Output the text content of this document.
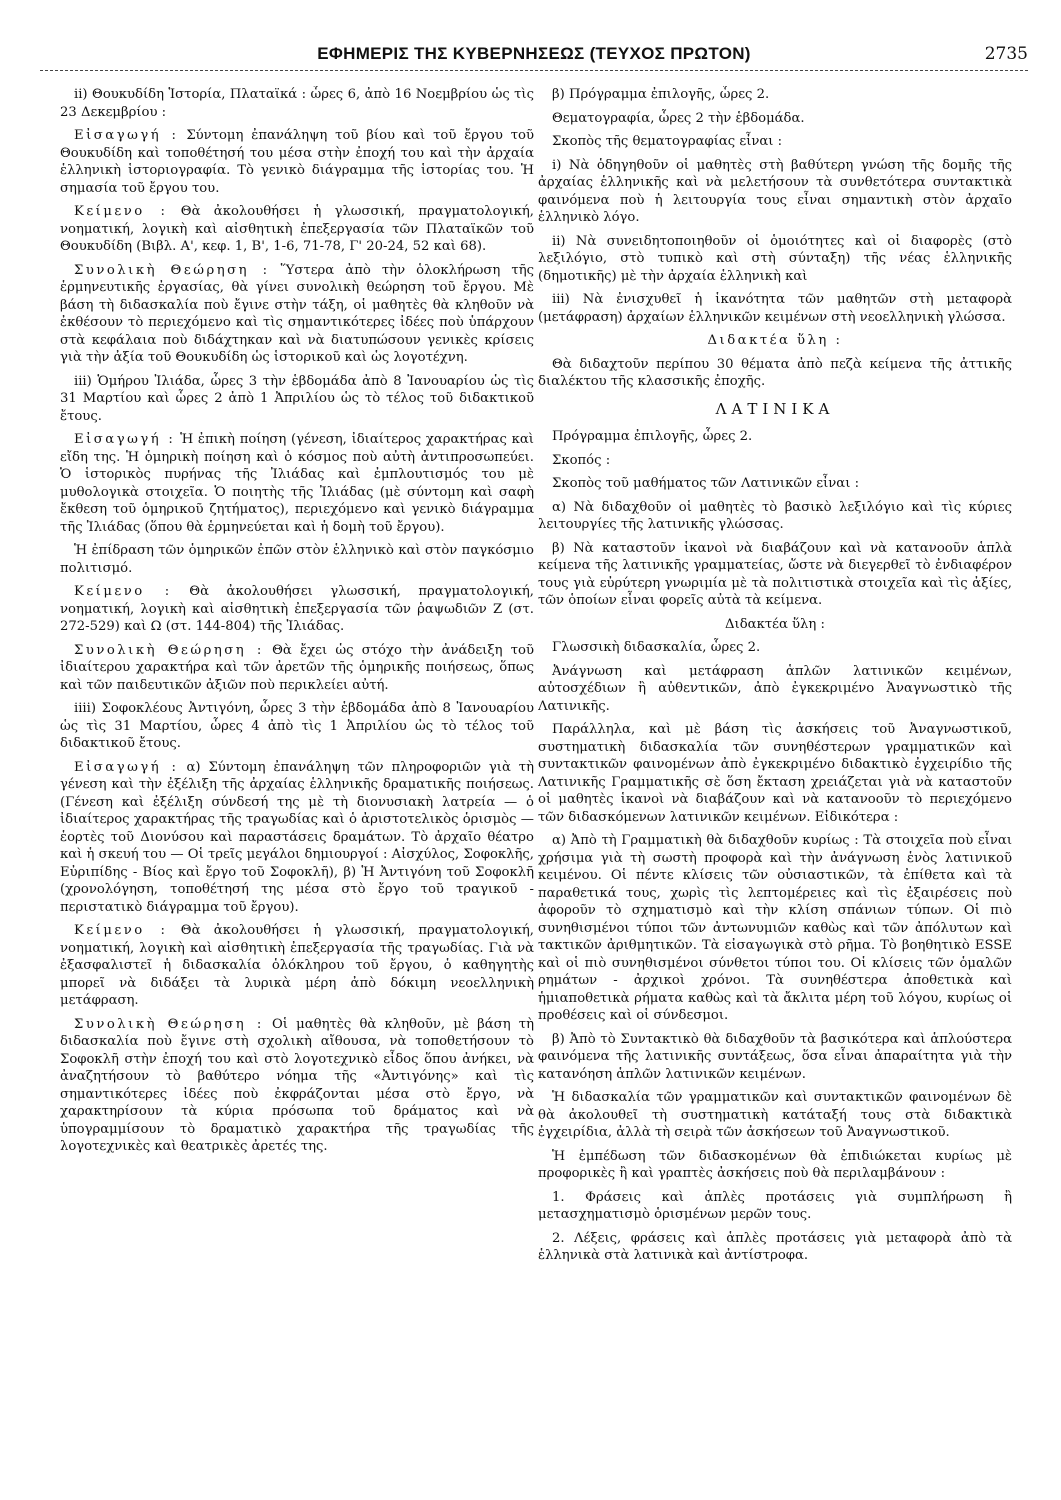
ΕΦΗΜΕΡΙΣ ΤΗΣ ΚΥΒΕΡΝΗΣΕΩΣ (ΤΕΥΧΟΣ ΠΡΩΤΟΝ)	2735

ii) Θουκυδίδη Ἱστορία, Πλαταϊκά : ὧρες 6, ἀπὸ 16 Νοεμβρίου ὡς τὶς 23 Δεκεμβρίου :

Εἰσαγωγή : Σύντομη ἐπανάληψη τοῦ βίου καὶ τοῦ ἔργου τοῦ Θουκυδίδη καὶ τοποθέτησή του μέσα στὴν ἐποχή του καὶ τὴν ἀρχαία ἑλληνικὴ ἱστοριογραφία. Τὸ γενικὸ διάγραμμα τῆς ἱστορίας του. Ἡ σημασία τοῦ ἔργου του.

Κείμενο : Θὰ ἀκολουθήσει ἡ γλωσσική, πραγματολογική, νοηματική, λογικὴ καὶ αἰσθητικὴ ἐπεξεργασία τῶν Πλαταϊκῶν τοῦ Θουκυδίδη (Βιβλ. Α', κεφ. 1, Β', 1-6, 71-78, Γ' 20-24, 52 καὶ 68).

Συνολικὴ Θεώρηση : Ὕστερα ἀπὸ τὴν ὁλοκλήρωση τῆς ἑρμηνευτικῆς ἐργασίας, θὰ γίνει συνολικὴ θεώρηση τοῦ ἔργου. Μὲ βάση τὴ διδασκαλία ποὺ ἔγινε στὴν τάξη, οἱ μαθητὲς θὰ κληθοῦν νὰ ἐκθέσουν τὸ περιεχόμενο καὶ τὶς σημαντικότερες ἰδέες ποὺ ὑπάρχουν στὰ κεφάλαια ποὺ διδάχτηκαν καὶ νὰ διατυπώσουν γενικὲς κρίσεις γιὰ τὴν ἀξία τοῦ Θουκυδίδη ὡς ἱστορικοῦ καὶ ὡς λογοτέχνη.

iii) Ὁμήρου Ἰλιάδα, ὧρες 3 τὴν ἑβδομάδα ἀπὸ 8 Ἰανουαρίου ὡς τὶς 31 Μαρτίου καὶ ὧρες 2 ἀπὸ 1 Ἀπριλίου ὡς τὸ τέλος τοῦ διδακτικοῦ ἔτους.

Εἰσαγωγή : Ἡ ἐπικὴ ποίηση (γένεση, ἰδιαίτερος χαρακτήρας καὶ εἴδη της. Ἡ ὁμηρικὴ ποίηση καὶ ὁ κόσμος ποὺ αὐτὴ ἀντιπροσωπεύει. Ὁ ἱστορικὸς πυρήνας τῆς Ἰλιάδας καὶ ἐμπλουτισμός του μὲ μυθολογικὰ στοιχεῖα. Ὁ ποιητὴς τῆς Ἰλιάδας (μὲ σύντομη καὶ σαφὴ ἔκθεση τοῦ ὁμηρικοῦ ζητήματος), περιεχόμενο καὶ γενικὸ διάγραμμα τῆς Ἰλιάδας (ὅπου θὰ ἑρμηνεύεται καὶ ἡ δομὴ τοῦ ἔργου).

Ἡ ἐπίδραση τῶν ὁμηρικῶν ἐπῶν στὸν ἑλληνικὸ καὶ στὸν παγκόσμιο πολιτισμό.

Κείμενο : Θὰ ἀκολουθήσει γλωσσική, πραγματολογική, νοηματική, λογικὴ καὶ αἰσθητικὴ ἐπεξεργασία τῶν ῥαψωδιῶν Ζ (στ. 272-529) καὶ Ω (στ. 144-804) τῆς Ἰλιάδας.

Συνολικὴ Θεώρηση : Θὰ ἔχει ὡς στόχο τὴν ἀνάδειξη τοῦ ἰδιαίτερου χαρακτήρα καὶ τῶν ἀρετῶν τῆς ὁμηρικῆς ποιήσεως, ὅπως καὶ τῶν παιδευτικῶν ἀξιῶν ποὺ περικλείει αὐτή.

iiii) Σοφοκλέους Ἀντιγόνη, ὧρες 3 τὴν ἑβδομάδα ἀπὸ 8 Ἰανουαρίου ὡς τὶς 31 Μαρτίου, ὧρες 4 ἀπὸ τὶς 1 Ἀπριλίου ὡς τὸ τέλος τοῦ διδακτικοῦ ἔτους.

Εἰσαγωγή : α) Σύντομη ἐπανάληψη τῶν πληροφοριῶν γιὰ τὴ γένεση καὶ τὴν ἐξέλιξη τῆς ἀρχαίας ἑλληνικῆς δραματικῆς ποιήσεως. (Γένεση καὶ ἐξέλιξη σύνδεσή της μὲ τὴ διονυσιακὴ λατρεία — ὁ ἰδιαίτερος χαρακτήρας τῆς τραγωδίας καὶ ὁ ἀριστοτελικὸς ὁρισμὸς — ἑορτὲς τοῦ Διονύσου καὶ παραστάσεις δραμάτων. Τὸ ἀρχαῖο θέατρο καὶ ἡ σκευή του — Οἱ τρεῖς μεγάλοι δημιουργοί : Αἰσχύλος, Σοφοκλῆς, Εὐριπίδης - Βίος καὶ ἔργο τοῦ Σοφοκλῆ), β) Ἡ Ἀντιγόνη τοῦ Σοφοκλῆ (χρονολόγηση, τοποθέτησή της μέσα στὸ ἔργο τοῦ τραγικοῦ - περιστατικὸ διάγραμμα τοῦ ἔργου).

Κείμενο : Θὰ ἀκολουθήσει ἡ γλωσσική, πραγματολογική, νοηματική, λογικὴ καὶ αἰσθητικὴ ἐπεξεργασία τῆς τραγωδίας. Γιὰ νὰ ἐξασφαλιστεῖ ἡ διδασκαλία ὁλόκληρου τοῦ ἔργου, ὁ καθηγητὴς μπορεῖ νὰ διδάξει τὰ λυρικὰ μέρη ἀπὸ δόκιμη νεοελληνικὴ μετάφραση.

Συνολικὴ Θεώρηση : Οἱ μαθητὲς θὰ κληθοῦν, μὲ βάση τὴ διδασκαλία ποὺ ἔγινε στὴ σχολικὴ αἴθουσα, νὰ τοποθετήσουν τὸ Σοφοκλῆ στὴν ἐποχή του καὶ στὸ λογοτεχνικὸ εἶδος ὅπου ἀνήκει, νὰ ἀναζητήσουν τὸ βαθύτερο νόημα τῆς «Ἀντιγόνης» καὶ τὶς σημαντικότερες ἰδέες ποὺ ἐκφράζονται μέσα στὸ ἔργο, νὰ χαρακτηρίσουν τὰ κύρια πρόσωπα τοῦ δράματος καὶ νὰ ὑπογραμμίσουν τὸ δραματικὸ χαρακτήρα τῆς τραγωδίας τῆς λογοτεχνικὲς καὶ θεατρικὲς ἀρετές της.

β) Πρόγραμμα ἐπιλογῆς, ὧρες 2.

Θεματογραφία, ὧρες 2 τὴν ἑβδομάδα.

Σκοπὸς τῆς θεματογραφίας εἶναι :

i) Νὰ ὁδηγηθοῦν οἱ μαθητὲς στὴ βαθύτερη γνώση τῆς δομῆς τῆς ἀρχαίας ἑλληνικῆς καὶ νὰ μελετήσουν τὰ συνθετότερα συντακτικὰ φαινόμενα ποὺ ἡ λειτουργία τους εἶναι σημαντικὴ στὸν ἀρχαῖο ἑλληνικὸ λόγο.

ii) Νὰ συνειδητοποιηθοῦν οἱ ὁμοιότητες καὶ οἱ διαφορὲς (στὸ λεξιλόγιο, στὸ τυπικὸ καὶ στὴ σύνταξη) τῆς νέας ἑλληνικῆς (δημοτικῆς) μὲ τὴν ἀρχαία ἑλληνικὴ καὶ

iii) Νὰ ἐνισχυθεῖ ἡ ἱκανότητα τῶν μαθητῶν στὴ μεταφορὰ (μετάφραση) ἀρχαίων ἑλληνικῶν κειμένων στὴ νεοελληνικὴ γλώσσα.

Διδακτέα ὕλη :

Θὰ διδαχτοῦν περίπου 30 θέματα ἀπὸ πεζὰ κείμενα τῆς ἀττικῆς διαλέκτου τῆς κλασσικῆς ἐποχῆς.

ΛΑΤΙΝΙΚΑ

Πρόγραμμα ἐπιλογῆς, ὧρες 2.

Σκοπός :

Σκοπὸς τοῦ μαθήματος τῶν Λατινικῶν εἶναι :

α) Νὰ διδαχθοῦν οἱ μαθητὲς τὸ βασικὸ λεξιλόγιο καὶ τὶς κύριες λειτουργίες τῆς λατινικῆς γλώσσας.

β) Νὰ καταστοῦν ἱκανοὶ νὰ διαβάζουν καὶ νὰ κατανοοῦν ἁπλὰ κείμενα τῆς λατινικῆς γραμματείας, ὥστε νὰ διεγερθεῖ τὸ ἐνδιαφέρον τους γιὰ εὐρύτερη γνωριμία μὲ τὰ πολιτιστικὰ στοιχεῖα καὶ τὶς ἀξίες, τῶν ὁποίων εἶναι φορεῖς αὐτὰ τὰ κείμενα.

Διδακτέα ὕλη :

Γλωσσικὴ διδασκαλία, ὧρες 2.

Ἀνάγνωση καὶ μετάφραση ἁπλῶν λατινικῶν κειμένων, αὐτοσχέδιων ἢ αὐθεντικῶν, ἀπὸ ἐγκεκριμένο Ἀναγνωστικὸ τῆς Λατινικῆς.

Παράλληλα, καὶ μὲ βάση τὶς ἀσκήσεις τοῦ Ἀναγνωστικοῦ, συστηματικὴ διδασκαλία τῶν συνηθέστερων γραμματικῶν καὶ συντακτικῶν φαινομένων ἀπὸ ἐγκεκριμένο διδακτικὸ ἐγχειρίδιο τῆς Λατινικῆς Γραμματικῆς σὲ ὅση ἔκταση χρειάζεται γιὰ νὰ καταστοῦν οἱ μαθητὲς ἱκανοὶ νὰ διαβάζουν καὶ νὰ κατανοοῦν τὸ περιεχόμενο τῶν διδασκόμενων λατινικῶν κειμένων. Εἰδικότερα :

α) Ἀπὸ τὴ Γραμματικὴ θὰ διδαχθοῦν κυρίως : Τὰ στοιχεῖα ποὺ εἶναι χρήσιμα γιὰ τὴ σωστὴ προφορὰ καὶ τὴν ἀνάγνωση ἑνὸς λατινικοῦ κειμένου. Οἱ πέντε κλίσεις τῶν οὐσιαστικῶν, τὰ ἐπίθετα καὶ τὰ παραθετικά τους, χωρὶς τὶς λεπτομέρειες καὶ τὶς ἐξαιρέσεις ποὺ ἀφοροῦν τὸ σχηματισμὸ καὶ τὴν κλίση σπάνιων τύπων. Οἱ πιὸ συνηθισμένοι τύποι τῶν ἀντωνυμιῶν καθὼς καὶ τῶν ἀπόλυτων καὶ τακτικῶν ἀριθμητικῶν. Τὰ εἰσαγωγικὰ στὸ ρῆμα. Τὸ βοηθητικὸ ESSE καὶ οἱ πιὸ συνηθισμένοι σύνθετοι τύποι του. Οἱ κλίσεις τῶν ὁμαλῶν ρημάτων - ἀρχικοὶ χρόνοι. Τὰ συνηθέστερα ἀποθετικὰ καὶ ἡμιαποθετικὰ ρήματα καθὼς καὶ τὰ ἄκλιτα μέρη τοῦ λόγου, κυρίως οἱ προθέσεις καὶ οἱ σύνδεσμοι.

β) Ἀπὸ τὸ Συντακτικὸ θὰ διδαχθοῦν τὰ βασικότερα καὶ ἁπλούστερα φαινόμενα τῆς λατινικῆς συντάξεως, ὅσα εἶναι ἀπαραίτητα γιὰ τὴν κατανόηση ἁπλῶν λατινικῶν κειμένων.

Ἡ διδασκαλία τῶν γραμματικῶν καὶ συντακτικῶν φαινομένων δὲ θὰ ἀκολουθεῖ τὴ συστηματικὴ κατάταξή τους στὰ διδακτικὰ ἐγχειρίδια, ἀλλὰ τὴ σειρὰ τῶν ἀσκήσεων τοῦ Ἀναγνωστικοῦ.

Ἡ ἐμπέδωση τῶν διδασκομένων θὰ ἐπιδιώκεται κυρίως μὲ προφορικὲς ἢ καὶ γραπτὲς ἀσκήσεις ποὺ θὰ περιλαμβάνουν :

1. Φράσεις καὶ ἁπλὲς προτάσεις γιὰ συμπλήρωση ἢ μετασχηματισμὸ ὁρισμένων μερῶν τους.

2. Λέξεις, φράσεις καὶ ἁπλὲς προτάσεις γιὰ μεταφορὰ ἀπὸ τὰ ἑλληνικὰ στὰ λατινικὰ καὶ ἀντίστροφα.
